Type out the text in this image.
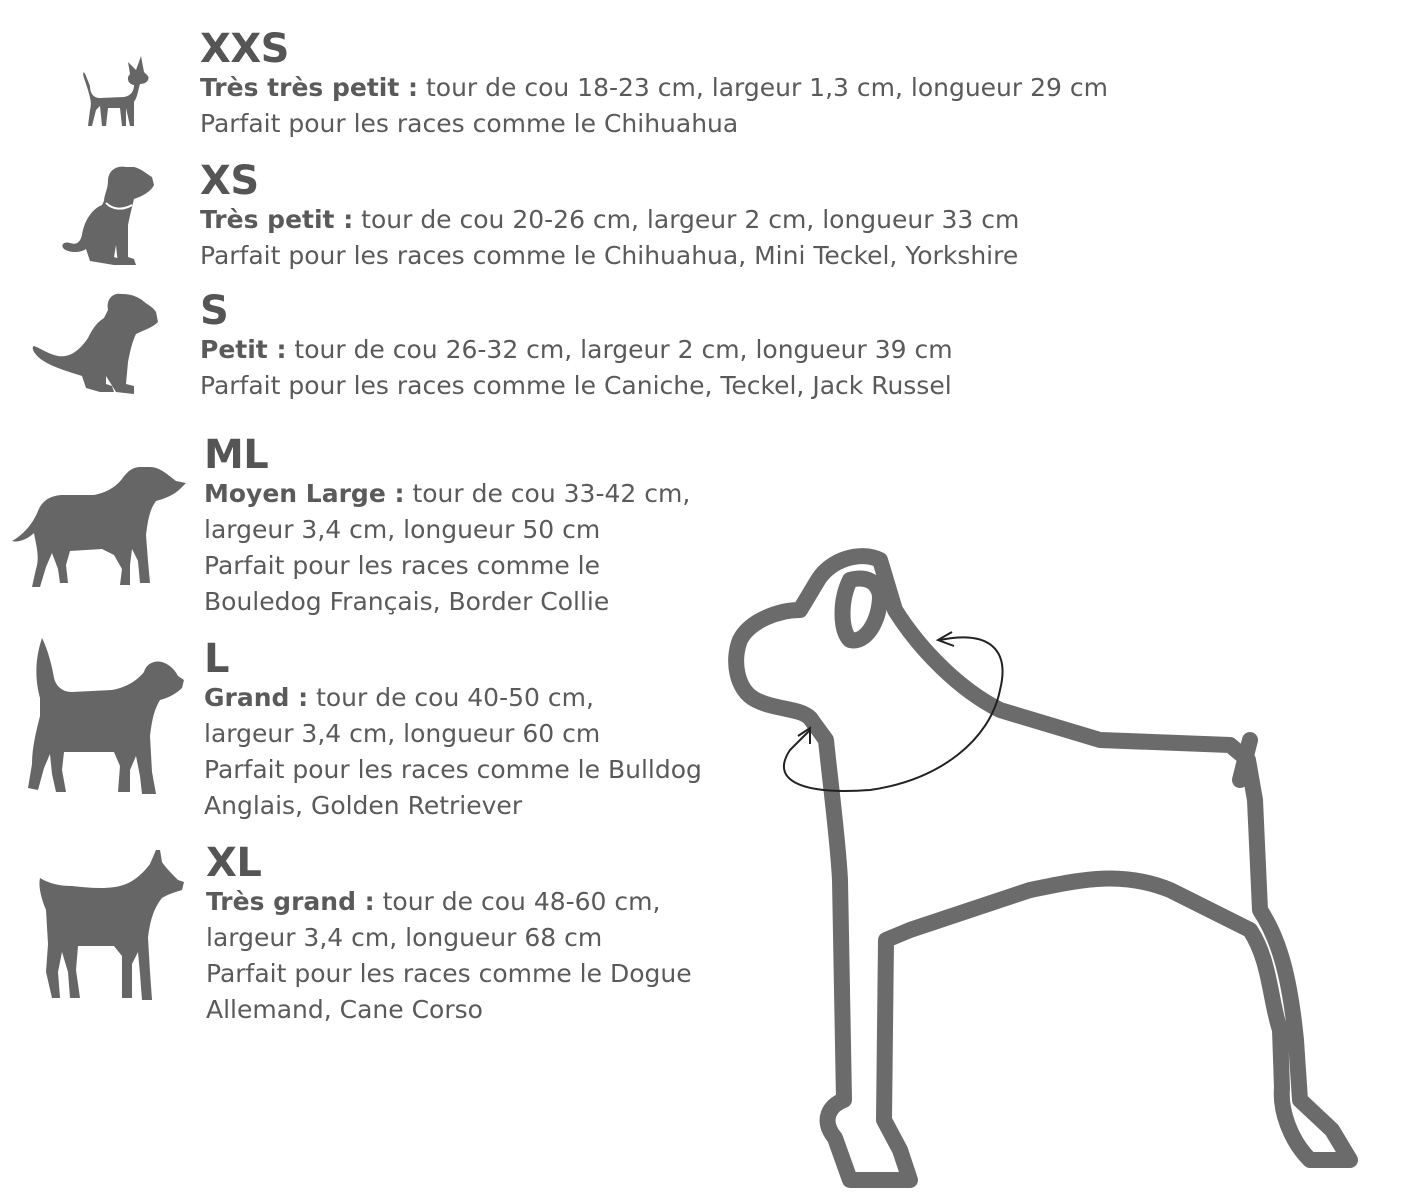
XXS
Très très petit : tour de cou 18-23 cm, largeur 1,3 cm, longueur 29 cm
Parfait pour les races comme le Chihuahua
XS
Très petit : tour de cou 20-26 cm, largeur 2 cm, longueur 33 cm
Parfait pour les races comme le Chihuahua, Mini Teckel, Yorkshire
S
Petit : tour de cou 26-32 cm, largeur 2 cm, longueur 39 cm
Parfait pour les races comme le Caniche, Teckel, Jack Russel
ML
Moyen Large : tour de cou 33-42 cm,
largeur 3,4 cm, longueur 50 cm
Parfait pour les races comme le
Bouledog Français, Border Collie
L
Grand : tour de cou 40-50 cm,
largeur 3,4 cm, longueur 60 cm
Parfait pour les races comme le Bulldog
Anglais, Golden Retriever
XL
Très grand : tour de cou 48-60 cm,
largeur 3,4 cm, longueur 68 cm
Parfait pour les races comme le Dogue
Allemand, Cane Corso
